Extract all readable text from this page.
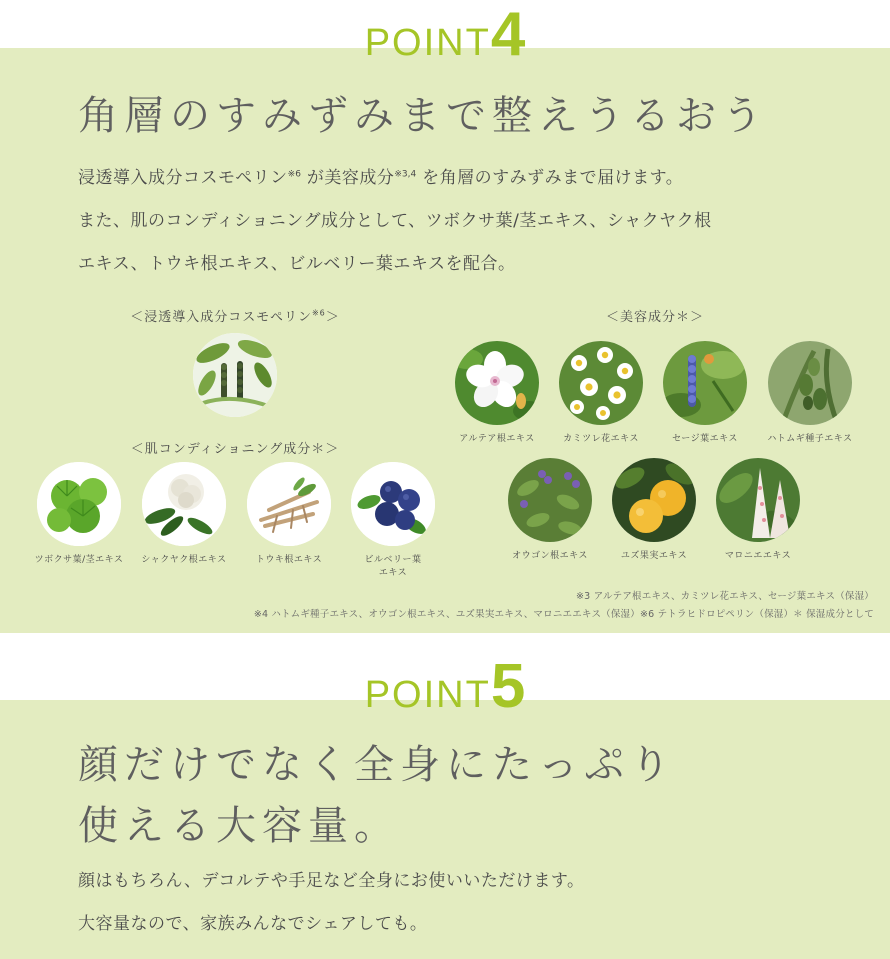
POINT4
角層のすみずみまで整えうるおう
浸透導入成分コスモペリン$^{※6}$ が美容成分$^{※3,4}$ を角層のすみずみまで届けます。
また、肌のコンディショニング成分として、ツボクサ葉/茎エキス、シャクヤク根
エキス、トウキ根エキス、ビルベリー葉エキスを配合。
＜浸透導入成分コスモペリン$^{※6}$＞	＜美容成分＊＞
アルテア根エキス	カミツレ花エキス	セージ葉エキス	ハトムギ種子エキス
オウゴン根エキス	ユズ果実エキス	マロニエエキス
＜肌コンディショニング成分＊＞
ツボクサ葉/茎エキス	シャクヤク根エキス	トウキ根エキス	ビルベリー葉
エキス
※3 アルテア根エキス、カミツレ花エキス、セージ葉エキス（保湿）
※4 ハトムギ種子エキス、オウゴン根エキス、ユズ果実エキス、マロニエエキス（保湿）※6 テトラヒドロピペリン（保湿）＊ 保湿成分として
POINT5
顔だけでなく全身にたっぷり
使える大容量。
顔はもちろん、デコルテや手足など全身にお使いいただけます。
大容量なので、家族みんなでシェアしても。
